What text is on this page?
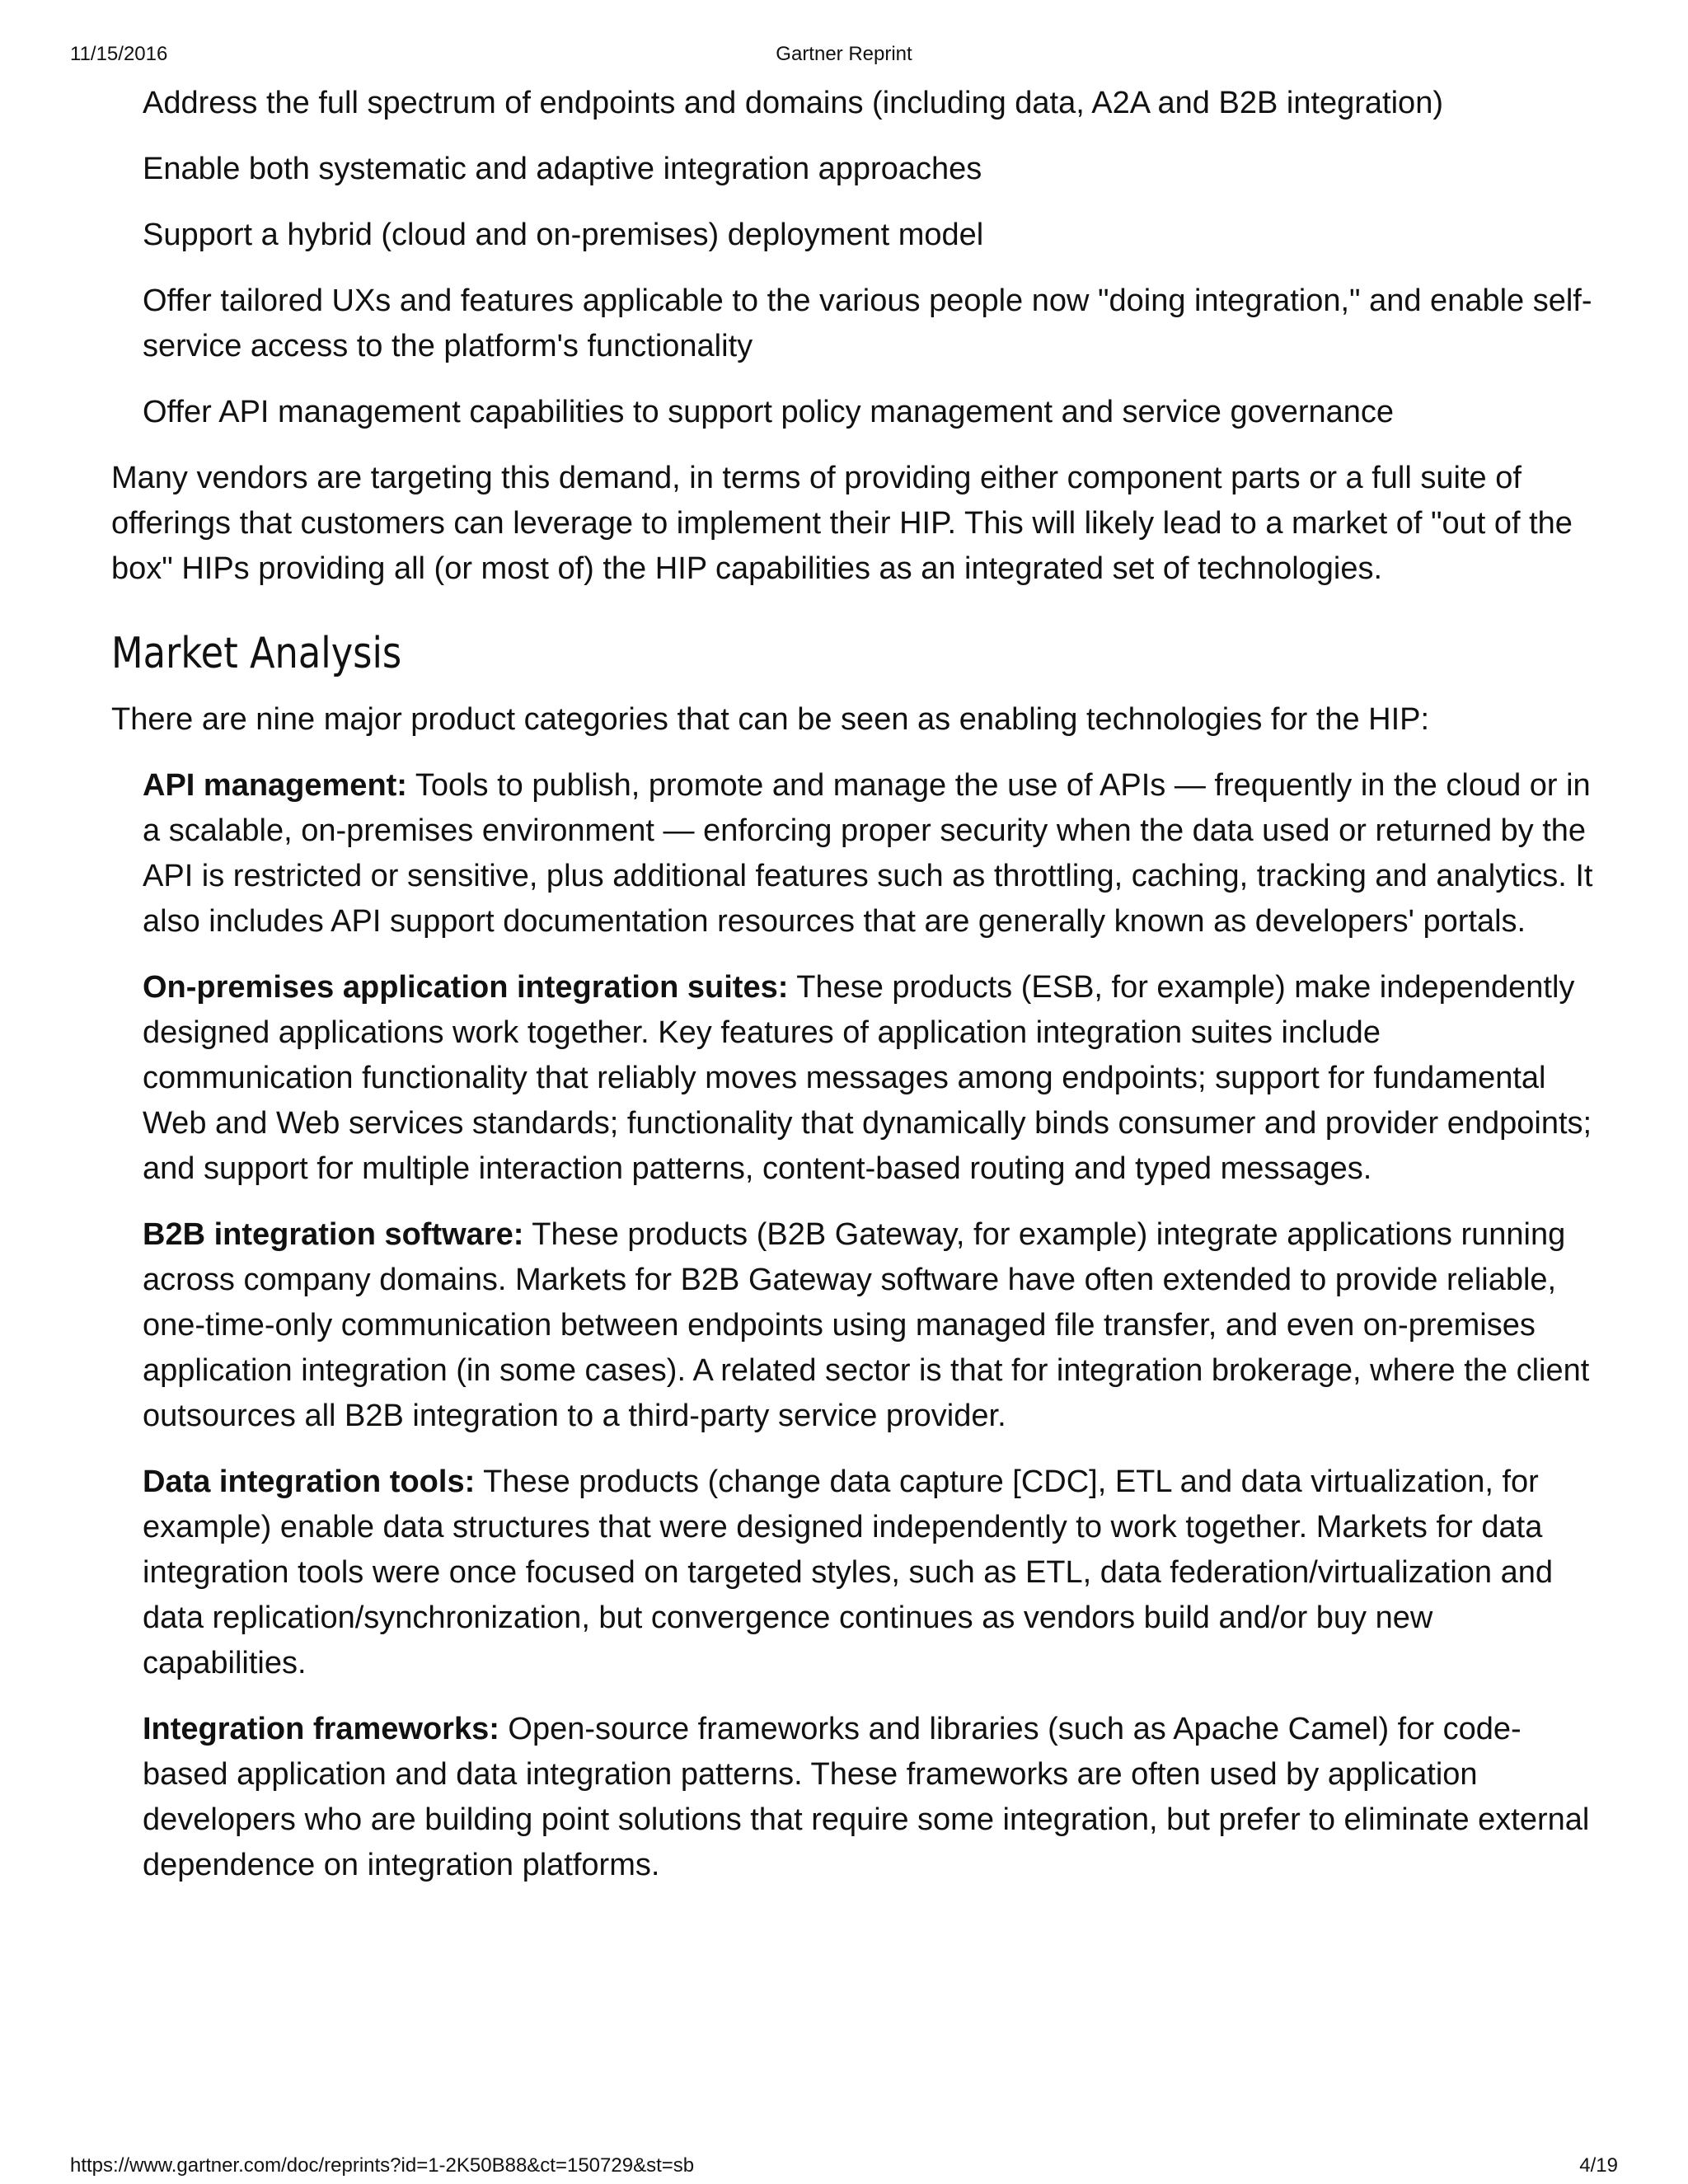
11/15/2016	Gartner Reprint
Address the full spectrum of endpoints and domains (including data, A2A and B2B integration)
Enable both systematic and adaptive integration approaches
Support a hybrid (cloud and on-premises) deployment model
Offer tailored UXs and features applicable to the various people now "doing integration," and enable self-service access to the platform's functionality
Offer API management capabilities to support policy management and service governance

Many vendors are targeting this demand, in terms of providing either component parts or a full suite of offerings that customers can leverage to implement their HIP. This will likely lead to a market of "out of the box" HIPs providing all (or most of) the HIP capabilities as an integrated set of technologies.

Market Analysis

There are nine major product categories that can be seen as enabling technologies for the HIP:

API management: Tools to publish, promote and manage the use of APIs — frequently in the cloud or in a scalable, on-premises environment — enforcing proper security when the data used or returned by the API is restricted or sensitive, plus additional features such as throttling, caching, tracking and analytics. It also includes API support documentation resources that are generally known as developers' portals.
On-premises application integration suites: These products (ESB, for example) make independently designed applications work together. Key features of application integration suites include communication functionality that reliably moves messages among endpoints; support for fundamental Web and Web services standards; functionality that dynamically binds consumer and provider endpoints; and support for multiple interaction patterns, content-based routing and typed messages.
B2B integration software: These products (B2B Gateway, for example) integrate applications running across company domains. Markets for B2B Gateway software have often extended to provide reliable, one-time-only communication between endpoints using managed file transfer, and even on-premises application integration (in some cases). A related sector is that for integration brokerage, where the client outsources all B2B integration to a third-party service provider.
Data integration tools: These products (change data capture [CDC], ETL and data virtualization, for example) enable data structures that were designed independently to work together. Markets for data integration tools were once focused on targeted styles, such as ETL, data federation/virtualization and data replication/synchronization, but convergence continues as vendors build and/or buy new capabilities.
Integration frameworks: Open-source frameworks and libraries (such as Apache Camel) for code-based application and data integration patterns. These frameworks are often used by application developers who are building point solutions that require some integration, but prefer to eliminate external dependence on integration platforms.
https://www.gartner.com/doc/reprints?id=1-2K50B88&ct=150729&st=sb	4/19
